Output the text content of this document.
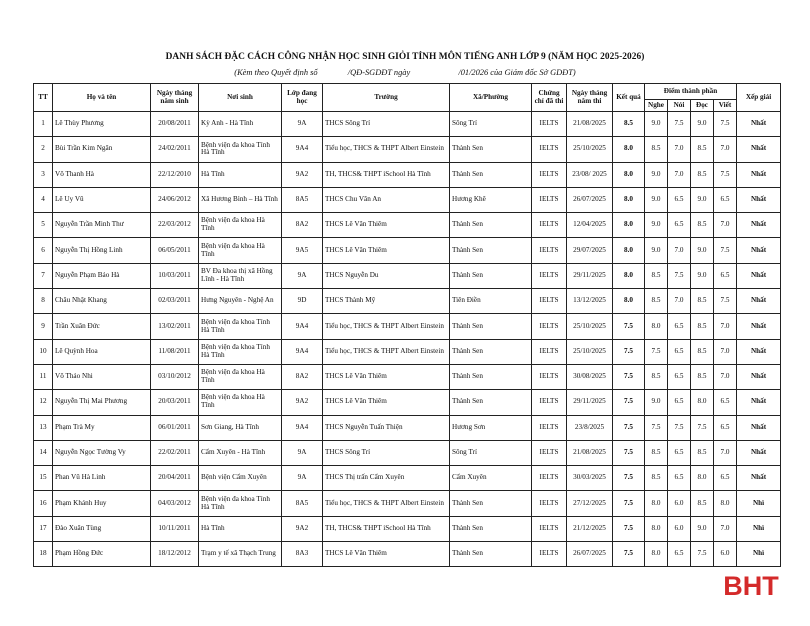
DANH SÁCH ĐẶC CÁCH CÔNG NHẬN HỌC SINH GIỎI TỈNH MÔN TIẾNG ANH LỚP 9 (NĂM HỌC 2025-2026)
(Kèm theo Quyết định số	/QĐ-SGDĐT ngày	/01/2026 của Giám đốc Sở GDĐT)
TT	Họ và tên	Ngày tháng năm sinh	Nơi sinh	Lớp đang học	Trường	Xã/Phường	Chứng chỉ đã thi	Ngày tháng năm thi	Kết quả	Điểm thành phần				Xếp giải
										Nghe	Nói	Đọc	Viết	
1	Lê Thùy Phương	20/08/2011	Kỳ Anh - Hà Tĩnh	9A	THCS Sông Trí	Sông Trí	IELTS	21/08/2025	8.5	9.0	7.5	9.0	7.5	Nhất
2	Bùi Trần Kim Ngân	24/02/2011	Bệnh viện đa khoa Tỉnh Hà Tĩnh	9A4	Tiểu học, THCS & THPT Albert Einstein	Thành Sen	IELTS	25/10/2025	8.0	8.5	7.0	8.5	7.0	Nhất
3	Võ Thanh Hà	22/12/2010	Hà Tĩnh	9A2	TH, THCS& THPT iSchool Hà Tĩnh	Thành Sen	IELTS	23/08/ 2025	8.0	9.0	7.0	8.5	7.5	Nhất
4	Lê Uy Vũ	24/06/2012	Xã Hương Bình – Hà Tĩnh	8A5	THCS Chu Văn An	Hương Khê	IELTS	26/07/2025	8.0	9.0	6.5	9.0	6.5	Nhất
5	Nguyễn Trần Minh Thư	22/03/2012	Bệnh viện đa khoa Hà Tĩnh	8A2	THCS Lê Văn Thiêm	Thành Sen	IELTS	12/04/2025	8.0	9.0	6.5	8.5	7.0	Nhất
6	Nguyễn Thị Hồng Linh	06/05/2011	Bệnh viện đa khoa Hà Tĩnh	9A5	THCS Lê Văn Thiêm	Thành Sen	IELTS	29/07/2025	8.0	9.0	7.0	9.0	7.5	Nhất
7	Nguyễn Phạm Bảo Hà	10/03/2011	BV Đa khoa thị xã Hồng Lĩnh - Hà Tĩnh	9A	THCS Nguyễn Du	Thành Sen	IELTS	29/11/2025	8.0	8.5	7.5	9.0	6.5	Nhất
8	Châu Nhật Khang	02/03/2011	Hưng Nguyên - Nghệ An	9D	THCS Thành Mỹ	Tiên Điền	IELTS	13/12/2025	8.0	8.5	7.0	8.5	7.5	Nhất
9	Trần Xuân Đức	13/02/2011	Bệnh viện đa khoa Tỉnh Hà Tĩnh	9A4	Tiểu học, THCS & THPT Albert Einstein	Thành Sen	IELTS	25/10/2025	7.5	8.0	6.5	8.5	7.0	Nhất
10	Lê Quỳnh Hoa	11/08/2011	Bệnh viện đa khoa Tỉnh Hà Tĩnh	9A4	Tiểu học, THCS & THPT Albert Einstein	Thành Sen	IELTS	25/10/2025	7.5	7.5	6.5	8.5	7.0	Nhất
11	Võ Thảo Nhi	03/10/2012	Bệnh viện đa khoa Hà Tĩnh	8A2	THCS Lê Văn Thiêm	Thành Sen	IELTS	30/08/2025	7.5	8.5	6.5	8.5	7.0	Nhất
12	Nguyễn Thị Mai Phương	20/03/2011	Bệnh viện đa khoa Hà Tĩnh	9A2	THCS Lê Văn Thiêm	Thành Sen	IELTS	29/11/2025	7.5	9.0	6.5	8.0	6.5	Nhất
13	Phạm Trà My	06/01/2011	Sơn Giang, Hà Tĩnh	9A4	THCS Nguyễn Tuấn Thiện	Hương Sơn	IELTS	23/8/2025	7.5	7.5	7.5	7.5	6.5	Nhất
14	Nguyễn Ngọc Tường Vy	22/02/2011	Cẩm Xuyên - Hà Tĩnh	9A	THCS Sông Trí	Sông Trí	IELTS	21/08/2025	7.5	8.5	6.5	8.5	7.0	Nhất
15	Phan Vũ Hà Linh	20/04/2011	Bệnh viện Cẩm Xuyên	9A	THCS Thị trấn Cẩm Xuyên	Cẩm Xuyên	IELTS	30/03/2025	7.5	8.5	6.5	8.0	6.5	Nhất
16	Phạm Khánh Huy	04/03/2012	Bệnh viện đa khoa Tỉnh Hà Tĩnh	8A5	Tiểu học, THCS & THPT Albert Einstein	Thành Sen	IELTS	27/12/2025	7.5	8.0	6.0	8.5	8.0	Nhì
17	Đào Xuân Tùng	10/11/2011	Hà Tĩnh	9A2	TH, THCS& THPT iSchool Hà Tĩnh	Thành Sen	IELTS	21/12/2025	7.5	8.0	6.0	9.0	7.0	Nhì
18	Phạm Hồng Đức	18/12/2012	Trạm y tế xã Thạch Trung	8A3	THCS Lê Văn Thiêm	Thành Sen	IELTS	26/07/2025	7.5	8.0	6.5	7.5	6.0	Nhì
BHT
